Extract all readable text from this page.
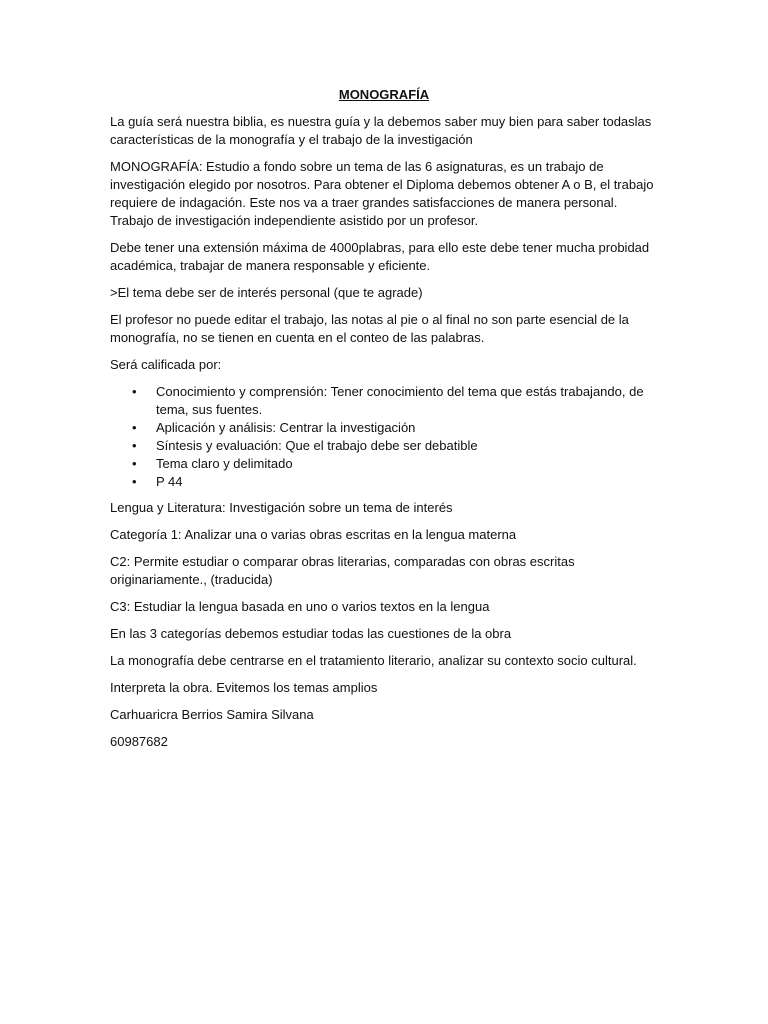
MONOGRAFÍA

La guía será nuestra biblia, es nuestra guía y la debemos saber muy bien para saber todaslas características de la monografía y el trabajo de la investigación

MONOGRAFÍA: Estudio a fondo sobre un tema de las 6 asignaturas, es un trabajo de investigación elegido por nosotros. Para obtener el Diploma debemos obtener A o B, el trabajo requiere de indagación. Este nos va a traer grandes satisfacciones de manera personal. Trabajo de investigación independiente asistido por un profesor.

Debe tener una extensión máxima de 4000plabras, para ello este debe tener mucha probidad académica, trabajar de manera responsable y eficiente.

>El tema debe ser de interés personal (que te agrade)

El profesor no puede editar el trabajo, las notas al pie o al final no son parte esencial de la monografía, no se tienen en cuenta en el conteo de las palabras.

Será calificada por:

• Conocimiento y comprensión: Tener conocimiento del tema que estás trabajando, de tema, sus fuentes.
• Aplicación y análisis: Centrar la investigación
• Síntesis y evaluación: Que el trabajo debe ser debatible
• Tema claro y delimitado
• P 44

Lengua y Literatura: Investigación sobre un tema de interés

Categoría 1: Analizar una o varias obras escritas en la lengua materna

C2: Permite estudiar o comparar obras literarias, comparadas con obras escritas originariamente., (traducida)

C3: Estudiar la lengua basada en uno o varios textos en la lengua

En las 3 categorías debemos estudiar todas las cuestiones de la obra

La monografía debe centrarse en el tratamiento literario, analizar su contexto socio cultural.

Interpreta la obra. Evitemos los temas amplios

Carhuaricra Berrios Samira Silvana

60987682
